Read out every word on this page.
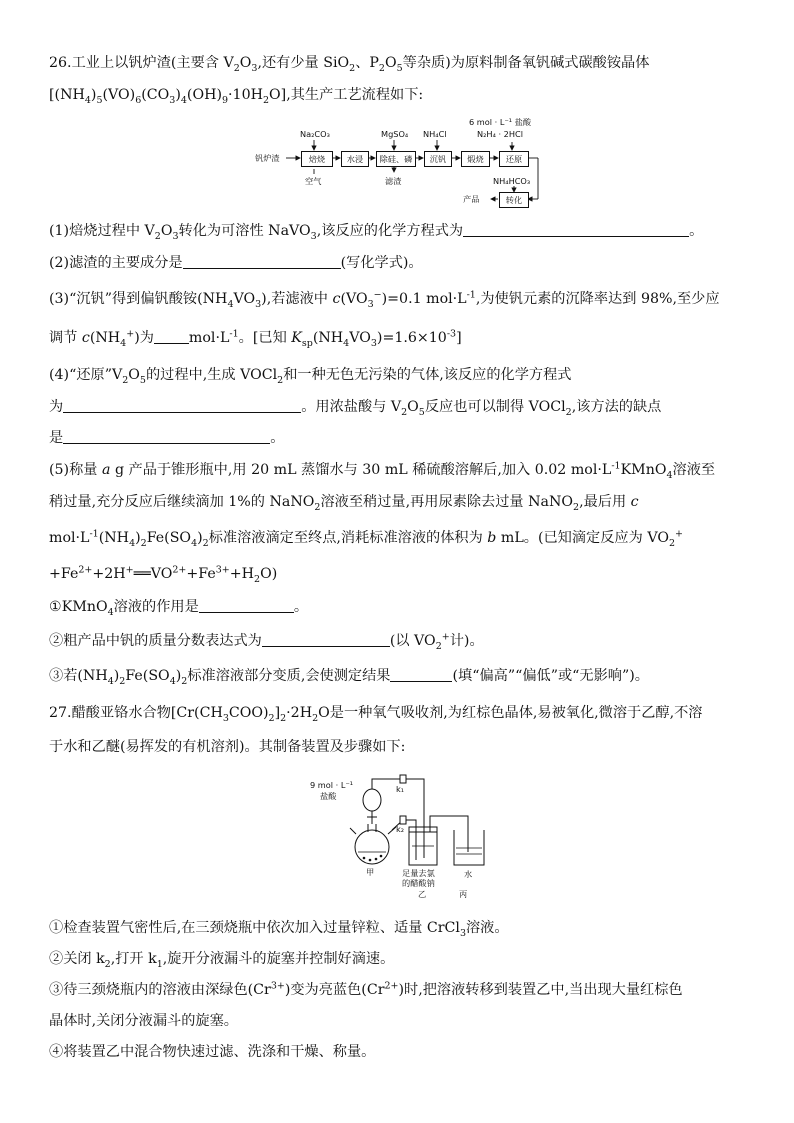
26.工业上以钒炉渣(主要含 $V_2O_3$,还有少量 SiO$_2$、$P_2O_5$等杂质)为原料制备氧钒碱式碳酸铵晶体
$[(NH_4)_5(VO)_6(CO_3)_4(OH)_9\cdot 10H_2O]$,其生产工艺流程如下:
钒炉渣	焙烧	水浸	除硅、磷	沉钒	煅烧	还原
转化
产品
Na₂CO₃
空气
MgSO₄
滤渣
NH₄Cl
6 mol · L⁻¹ 盐酸
N₂H₄ · 2HCl
NH₄HCO₃
(1)焙烧过程中 $V_2O_3$转化为可溶性 NaVO$_3$,该反应的化学方程式为	。
(2)滤渣的主要成分是	(写化学式)。
(3)“沉钒”得到偏钒酸铵$(NH_4VO_3)$,若滤液中 $c(VO_3^-)=0.1$ $mol\cdot L^{-1}$,为使钒元素的沉降率达到 98%,至少应
调节 $c(NH_4^+)$为 $mol\cdot L^{-1}$。[已知 $K_{sp}(NH_4VO_3)=1.6\times 10^{-3}$]
(4)“还原$”V_2O_5$的过程中,生成 VOCl$_2$和一种无色无污染的气体,该反应的化学方程式
为	。用浓盐酸与 $V_2O_5$反应也可以制得 VOCl$_2$,该方法的缺点
是	。
(5)称量 a g 产品于锥形瓶中,用 20 mL 蒸馏水与 30 mL 稀硫酸溶解后,加入 0.02 $mol\cdot L^{-1}KMnO_4$溶液至
稍过量,充分反应后继续滴加 1%的 NaNO$_2$溶液至稍过量,再用尿素除去过量 NaNO$_2$,最后用 c
$mol\cdot L^{-1}(NH_4)_2Fe(SO_4)_2$标准溶液滴定至终点,消耗标准溶液的体积为 b mL。(已知滴定反应为 $VO_2^+$
$+Fe^{2+}+2H^+══VO^{2+}+Fe^{3+}+H_2O$)
①KMnO$_4$溶液的作用是	。
②粗产品中钒的质量分数表达式为	(以 $VO_2^+$计)。
③若$(NH_4)_2Fe(SO_4)_2$标准溶液部分变质,会使测定结果	(填“偏高”“偏低”或“无影响”)。
27.醋酸亚铬水合物$[Cr(CH_3COO)_2]_2\cdot 2H_2O$是一种氧气吸收剂,为红棕色晶体,易被氧化,微溶于乙醇,不溶
于水和乙醚(易挥发的有机溶剂)。其制备装置及步骤如下:
9 mol · L⁻¹
盐酸
k₁
k₂
甲	足量去氯
的醋酸钠
乙
水
丙
①检查装置气密性后,在三颈烧瓶中依次加入过量锌粒、适量 CrCl$_3$溶液。
②关闭 $k_2$,打开 $k_1$,旋开分液漏斗的旋塞并控制好滴速。
③待三颈烧瓶内的溶液由深绿色$(Cr^{3+})$变为亮蓝色$(Cr^{2+})$时,把溶液转移到装置乙中,当出现大量红棕色
晶体时,关闭分液漏斗的旋塞。
④将装置乙中混合物快速过滤、洗涤和干燥、称量。
